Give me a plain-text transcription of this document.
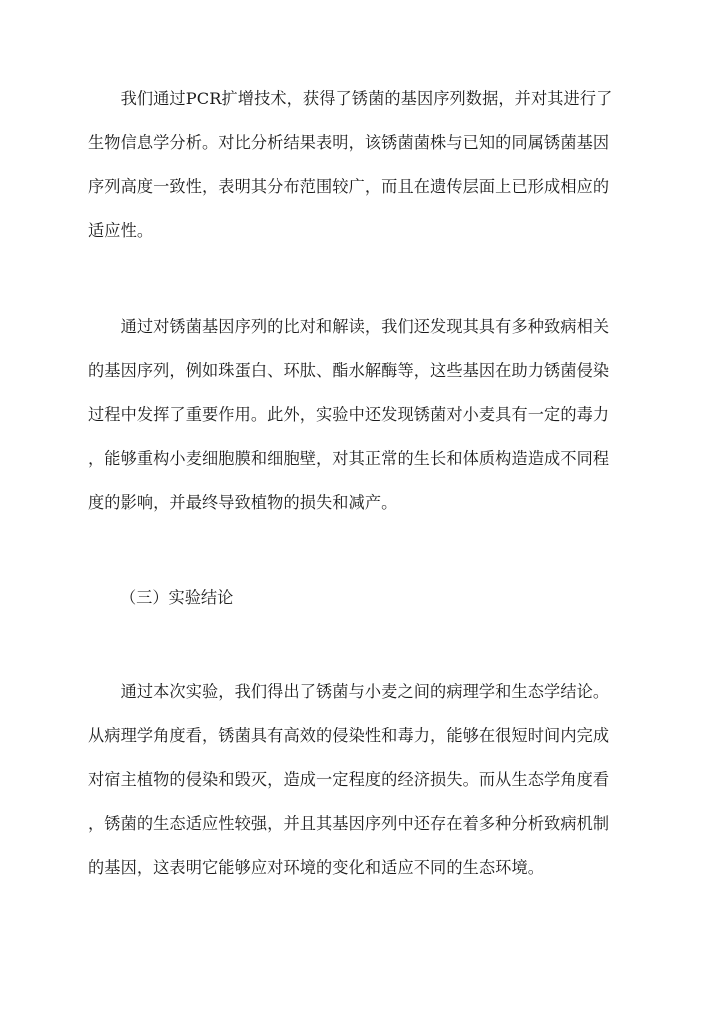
　　我们通过PCR扩增技术，获得了锈菌的基因序列数据，并对其进行了
生物信息学分析。对比分析结果表明，该锈菌菌株与已知的同属锈菌基因
序列高度一致性，表明其分布范围较广，而且在遗传层面上已形成相应的
适应性。

　　通过对锈菌基因序列的比对和解读，我们还发现其具有多种致病相关
的基因序列，例如珠蛋白、环肽、酯水解酶等，这些基因在助力锈菌侵染
过程中发挥了重要作用。此外，实验中还发现锈菌对小麦具有一定的毒力
，能够重构小麦细胞膜和细胞壁，对其正常的生长和体质构造造成不同程
度的影响，并最终导致植物的损失和减产。

（三）实验结论

　　通过本次实验，我们得出了锈菌与小麦之间的病理学和生态学结论。
从病理学角度看，锈菌具有高效的侵染性和毒力，能够在很短时间内完成
对宿主植物的侵染和毁灭，造成一定程度的经济损失。而从生态学角度看
，锈菌的生态适应性较强，并且其基因序列中还存在着多种分析致病机制
的基因，这表明它能够应对环境的变化和适应不同的生态环境。
